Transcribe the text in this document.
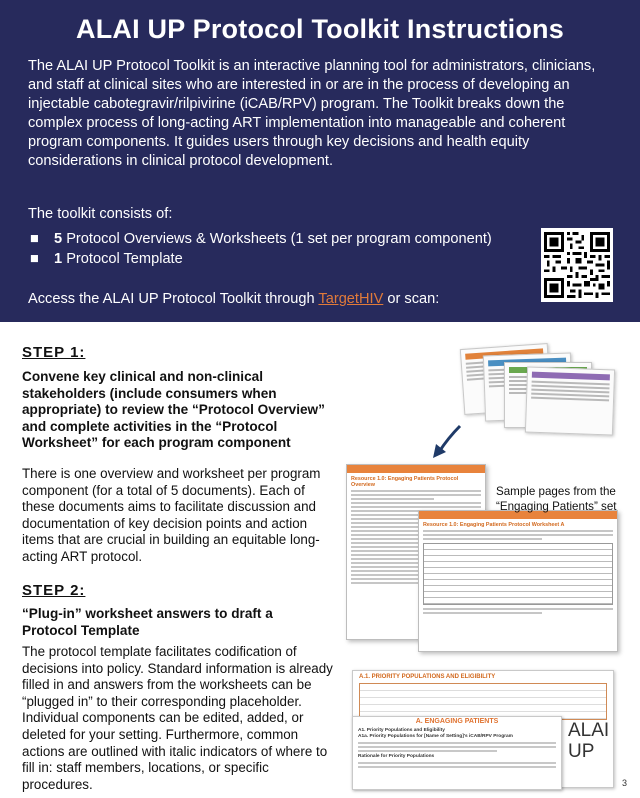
ALAI UP Protocol Toolkit Instructions
The ALAI UP Protocol Toolkit is an interactive planning tool for administrators, clinicians, and staff at clinical sites who are interested in or are in the process of developing an injectable cabotegravir/rilpivirine (iCAB/RPV) program. The Toolkit breaks down the complex process of long-acting ART implementation into manageable and coherent program components. It guides users through key decisions and health equity considerations in clinical protocol development.
The toolkit consists of:
■ 5 Protocol Overviews & Worksheets (1 set per program component)
■ 1 Protocol Template
Access the ALAI UP Protocol Toolkit through TargetHIV or scan:
STEP 1:
Convene key clinical and non-clinical stakeholders (include consumers when appropriate) to review the “Protocol Overview” and complete activities in the “Protocol Worksheet” for each program component
There is one overview and worksheet per program component (for a total of 5 documents). Each of these documents aims to facilitate discussion and documentation of key decision points and action items that are crucial in building an equitable long-acting ART protocol.
STEP 2:
“Plug-in” worksheet answers to draft a Protocol Template
The protocol template facilitates codification of decisions into policy. Standard information is already filled in and answers from the worksheets can be “plugged in” to their corresponding placeholder. Individual components can be edited, added, or deleted for your setting. Furthermore, common actions are outlined with italic indicators of where to fill in: staff members, locations, or specific procedures.
Resource 1.0: Engaging Patients Protocol Overview
Resource 1.0: Engaging Patients Protocol Worksheet A
Sample pages from the “Engaging Patients” set
A.1. PRIORITY POPULATIONS AND ELIGIBILITY
A. ENGAGING PATIENTS
A1. Priority Populations and Eligibility
A1a. Priority Populations for [Name of Setting]'s iCAB/RPV Program
Rationale for Priority Populations
ALAI
UP
3
